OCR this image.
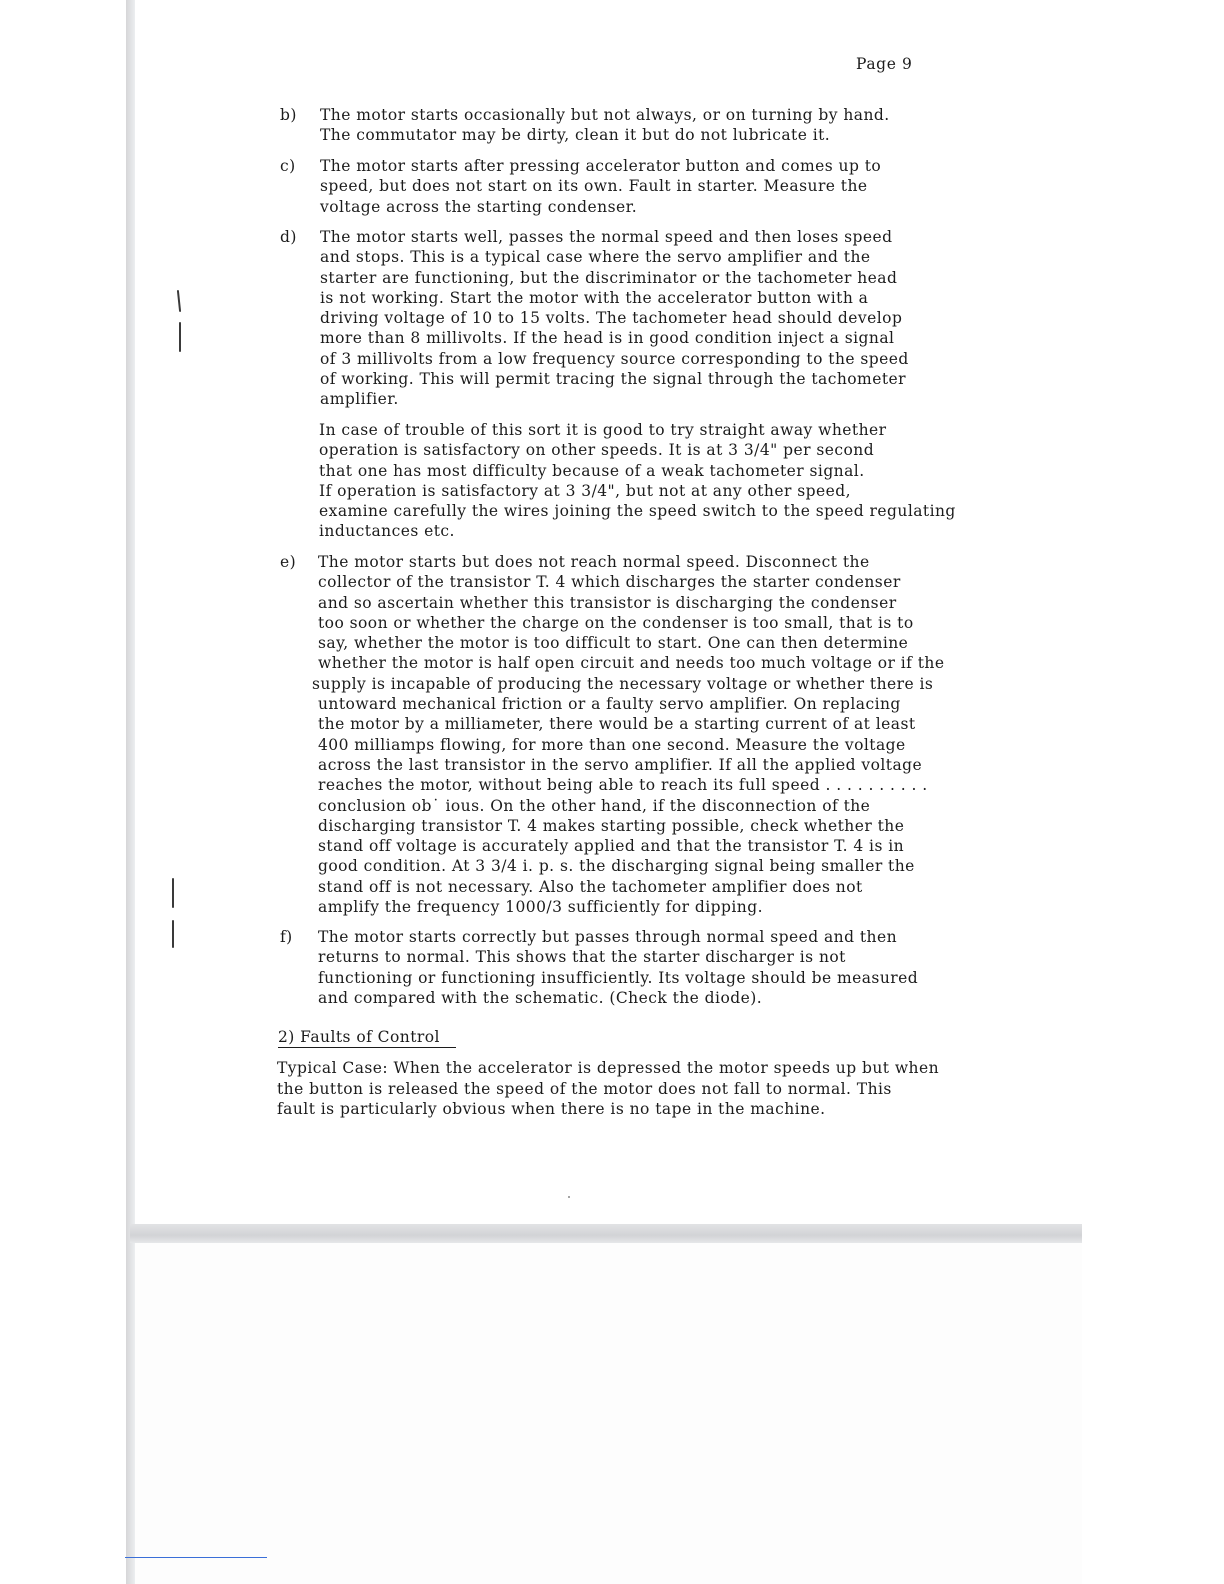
Page 9
b) The motor starts occasionally but not always, or on turning by hand.
The commutator may be dirty, clean it but do not lubricate it.
c) The motor starts after pressing accelerator button and comes up to
speed, but does not start on its own. Fault in starter. Measure the
voltage across the starting condenser.
d) The motor starts well, passes the normal speed and then loses speed
and stops. This is a typical case where the servo amplifier and the
starter are functioning, but the discriminator or the tachometer head
is not working. Start the motor with the accelerator button with a
driving voltage of 10 to 15 volts. The tachometer head should develop
more than 8 millivolts. If the head is in good condition inject a signal
of 3 millivolts from a low frequency source corresponding to the speed
of working. This will permit tracing the signal through the tachometer
amplifier.
In case of trouble of this sort it is good to try straight away whether
operation is satisfactory on other speeds. It is at 3 3/4" per second
that one has most difficulty because of a weak tachometer signal.
If operation is satisfactory at 3 3/4", but not at any other speed,
examine carefully the wires joining the speed switch to the speed regulating
inductances etc.
e) The motor starts but does not reach normal speed. Disconnect the
collector of the transistor T. 4 which discharges the starter condenser
and so ascertain whether this transistor is discharging the condenser
too soon or whether the charge on the condenser is too small, that is to
say, whether the motor is too difficult to start. One can then determine
whether the motor is half open circuit and needs too much voltage or if the
supply is incapable of producing the necessary voltage or whether there is
untoward mechanical friction or a faulty servo amplifier. On replacing
the motor by a milliameter, there would be a starting current of at least
400 milliamps flowing, for more than one second. Measure the voltage
across the last transistor in the servo amplifier. If all the applied voltage
reaches the motor, without being able to reach its full speed . . . . . . . . . .
conclusion ob˙ ious. On the other hand, if the disconnection of the
discharging transistor T. 4 makes starting possible, check whether the
stand off voltage is accurately applied and that the transistor T. 4 is in
good condition. At 3 3/4 i. p. s. the discharging signal being smaller the
stand off is not necessary. Also the tachometer amplifier does not
amplify the frequency 1000/3 sufficiently for dipping.
f) The motor starts correctly but passes through normal speed and then
returns to normal. This shows that the starter discharger is not
functioning or functioning insufficiently. Its voltage should be measured
and compared with the schematic. (Check the diode).
2) Faults of Control
Typical Case: When the accelerator is depressed the motor speeds up but when
the button is released the speed of the motor does not fall to normal. This
fault is particularly obvious when there is no tape in the machine.
